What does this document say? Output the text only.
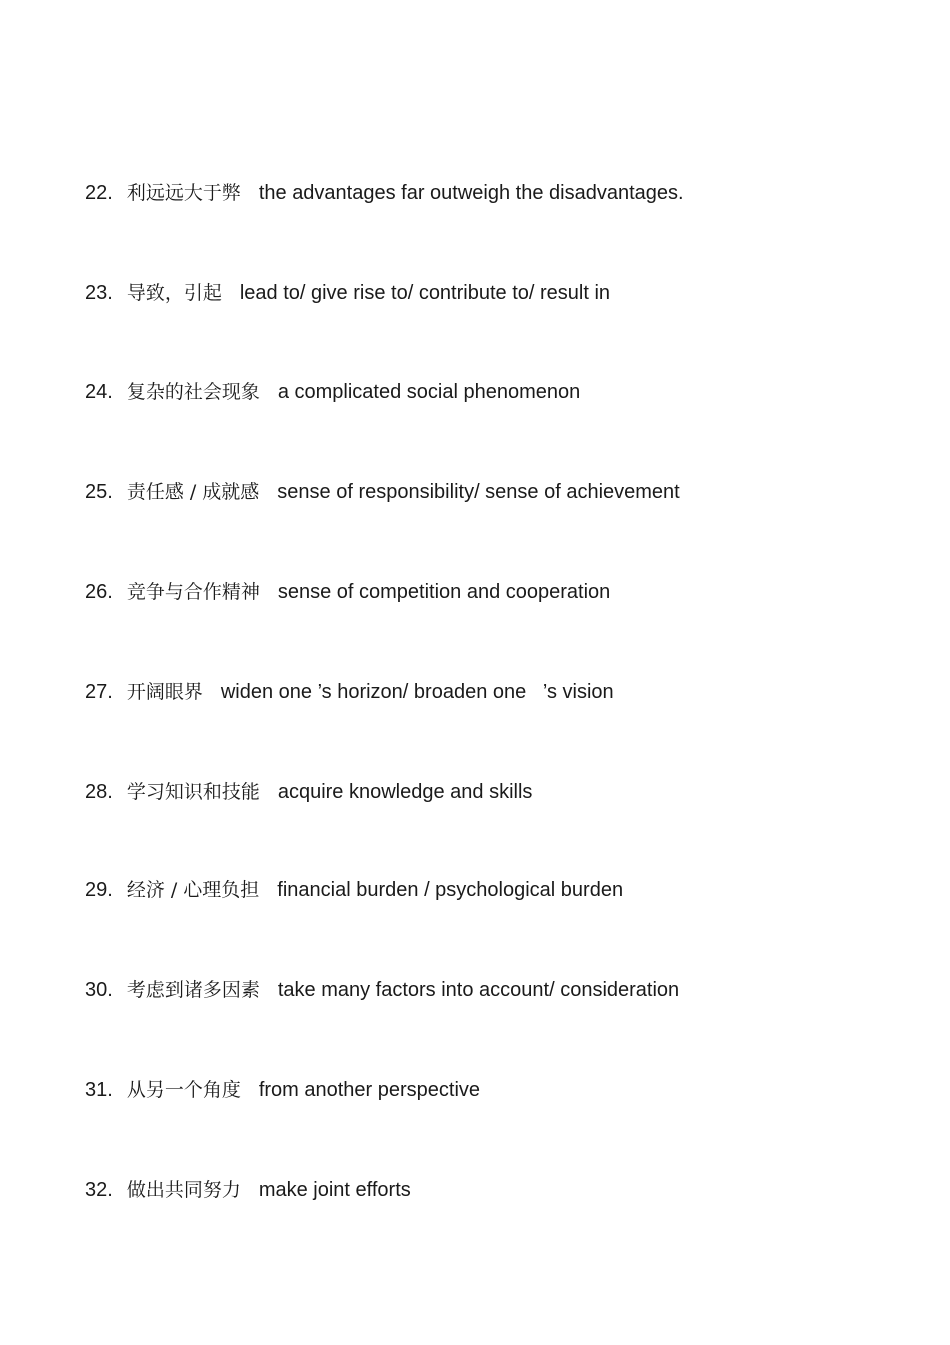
22. 利远远大于弊 the advantages far outweigh the disadvantages.
23. 导致，引起 lead to/ give rise to/ contribute to/ result in
24. 复杂的社会现象 a complicated social phenomenon
25. 责任感 / 成就感 sense of responsibility/ sense of achievement
26. 竞争与合作精神 sense of competition and cooperation
27. 开阔眼界 widen one ’s horizon/ broaden one   ’s vision
28. 学习知识和技能 acquire knowledge and skills
29. 经济 / 心理负担 financial burden / psychological burden
30. 考虑到诸多因素 take many factors into account/ consideration
31. 从另一个角度 from another perspective
32. 做出共同努力 make joint efforts
